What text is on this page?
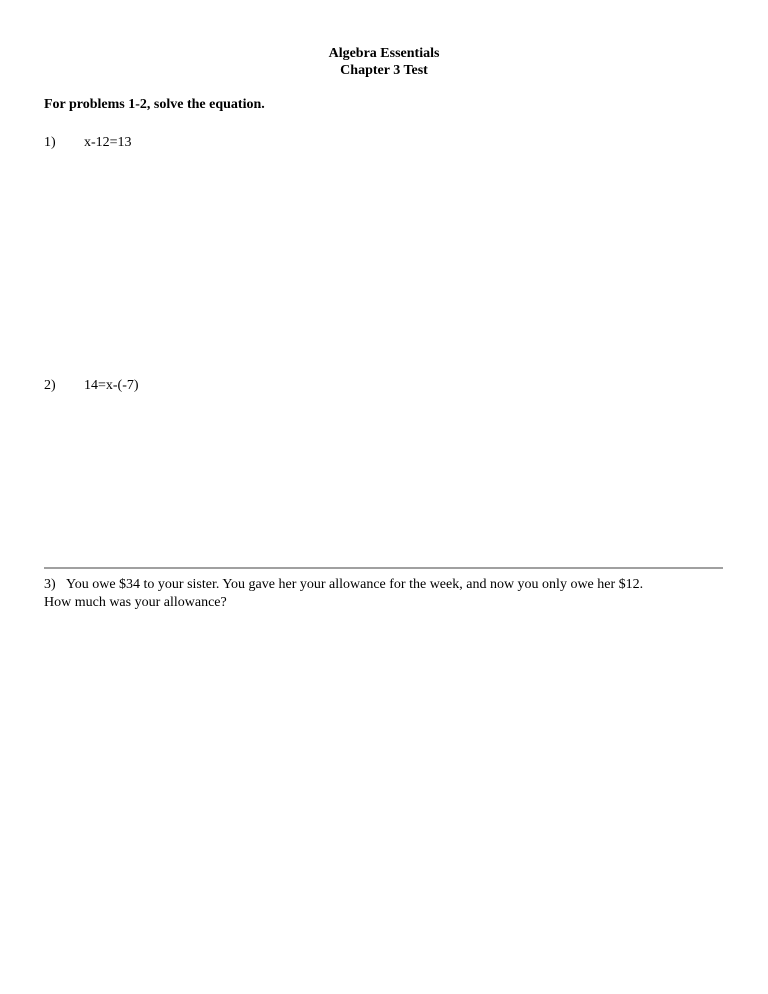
Algebra Essentials
Chapter 3 Test
For problems 1-2, solve the equation.
1) x-12=13
2) 14=x-(-7)
3) You owe $34 to your sister. You gave her your allowance for the week, and now you only owe her $12.
How much was your allowance?
